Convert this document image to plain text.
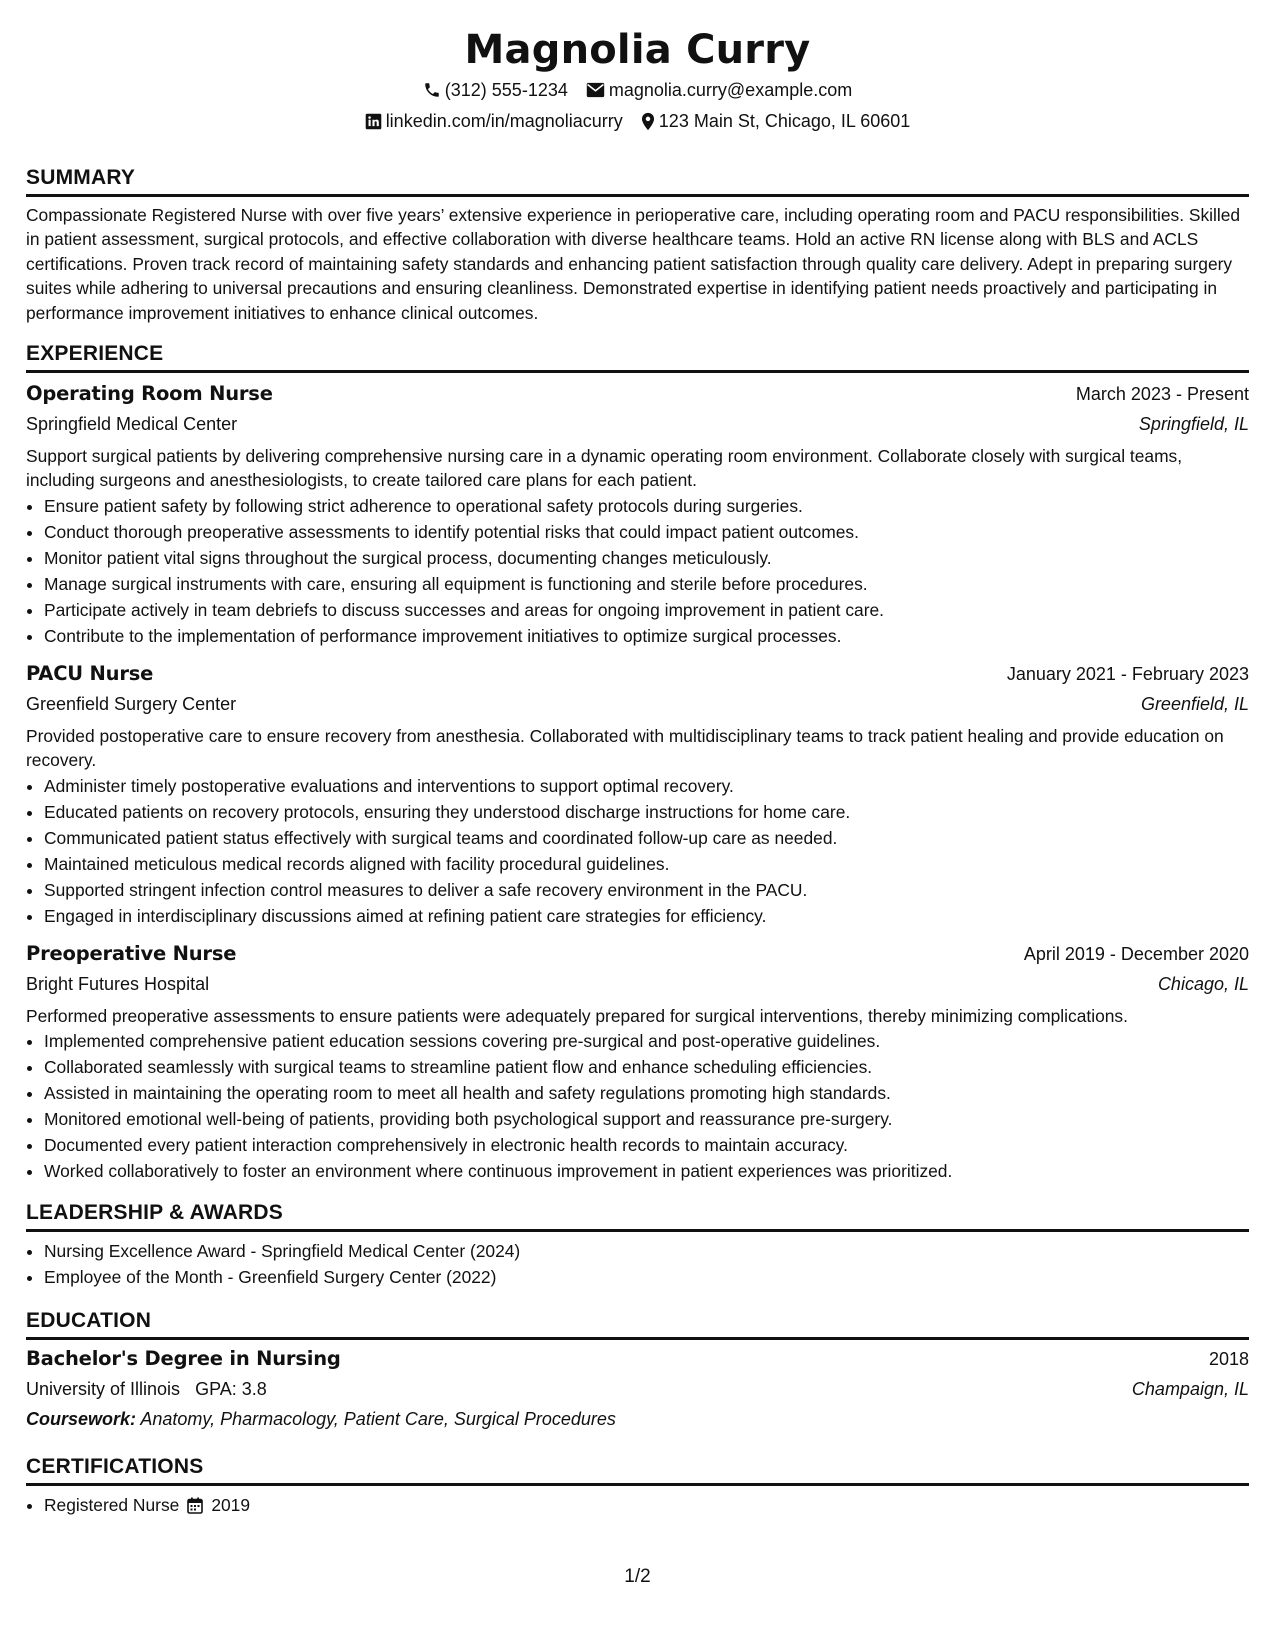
Magnolia Curry
(312) 555-1234 magnolia.curry@example.com
linkedin.com/in/magnoliacurry 123 Main St, Chicago, IL 60601
SUMMARY
Compassionate Registered Nurse with over five years’ extensive experience in perioperative care, including operating room and PACU responsibilities. Skilled in patient assessment, surgical protocols, and effective collaboration with diverse healthcare teams. Hold an active RN license along with BLS and ACLS certifications. Proven track record of maintaining safety standards and enhancing patient satisfaction through quality care delivery. Adept in preparing surgery suites while adhering to universal precautions and ensuring cleanliness. Demonstrated expertise in identifying patient needs proactively and participating in performance improvement initiatives to enhance clinical outcomes.
EXPERIENCE
Operating Room Nurse	March 2023 - Present
Springfield Medical Center	Springfield, IL
Support surgical patients by delivering comprehensive nursing care in a dynamic operating room environment. Collaborate closely with surgical teams, including surgeons and anesthesiologists, to create tailored care plans for each patient.
• Ensure patient safety by following strict adherence to operational safety protocols during surgeries.
• Conduct thorough preoperative assessments to identify potential risks that could impact patient outcomes.
• Monitor patient vital signs throughout the surgical process, documenting changes meticulously.
• Manage surgical instruments with care, ensuring all equipment is functioning and sterile before procedures.
• Participate actively in team debriefs to discuss successes and areas for ongoing improvement in patient care.
• Contribute to the implementation of performance improvement initiatives to optimize surgical processes.
PACU Nurse	January 2021 - February 2023
Greenfield Surgery Center	Greenfield, IL
Provided postoperative care to ensure recovery from anesthesia. Collaborated with multidisciplinary teams to track patient healing and provide education on recovery.
• Administer timely postoperative evaluations and interventions to support optimal recovery.
• Educated patients on recovery protocols, ensuring they understood discharge instructions for home care.
• Communicated patient status effectively with surgical teams and coordinated follow-up care as needed.
• Maintained meticulous medical records aligned with facility procedural guidelines.
• Supported stringent infection control measures to deliver a safe recovery environment in the PACU.
• Engaged in interdisciplinary discussions aimed at refining patient care strategies for efficiency.
Preoperative Nurse	April 2019 - December 2020
Bright Futures Hospital	Chicago, IL
Performed preoperative assessments to ensure patients were adequately prepared for surgical interventions, thereby minimizing complications.
• Implemented comprehensive patient education sessions covering pre-surgical and post-operative guidelines.
• Collaborated seamlessly with surgical teams to streamline patient flow and enhance scheduling efficiencies.
• Assisted in maintaining the operating room to meet all health and safety regulations promoting high standards.
• Monitored emotional well-being of patients, providing both psychological support and reassurance pre-surgery.
• Documented every patient interaction comprehensively in electronic health records to maintain accuracy.
• Worked collaboratively to foster an environment where continuous improvement in patient experiences was prioritized.
LEADERSHIP & AWARDS
• Nursing Excellence Award - Springfield Medical Center (2024)
• Employee of the Month - Greenfield Surgery Center (2022)
EDUCATION
Bachelor's Degree in Nursing	2018
University of Illinois GPA: 3.8	Champaign, IL
Coursework: Anatomy, Pharmacology, Patient Care, Surgical Procedures
CERTIFICATIONS
• Registered Nurse 2019
1/2
